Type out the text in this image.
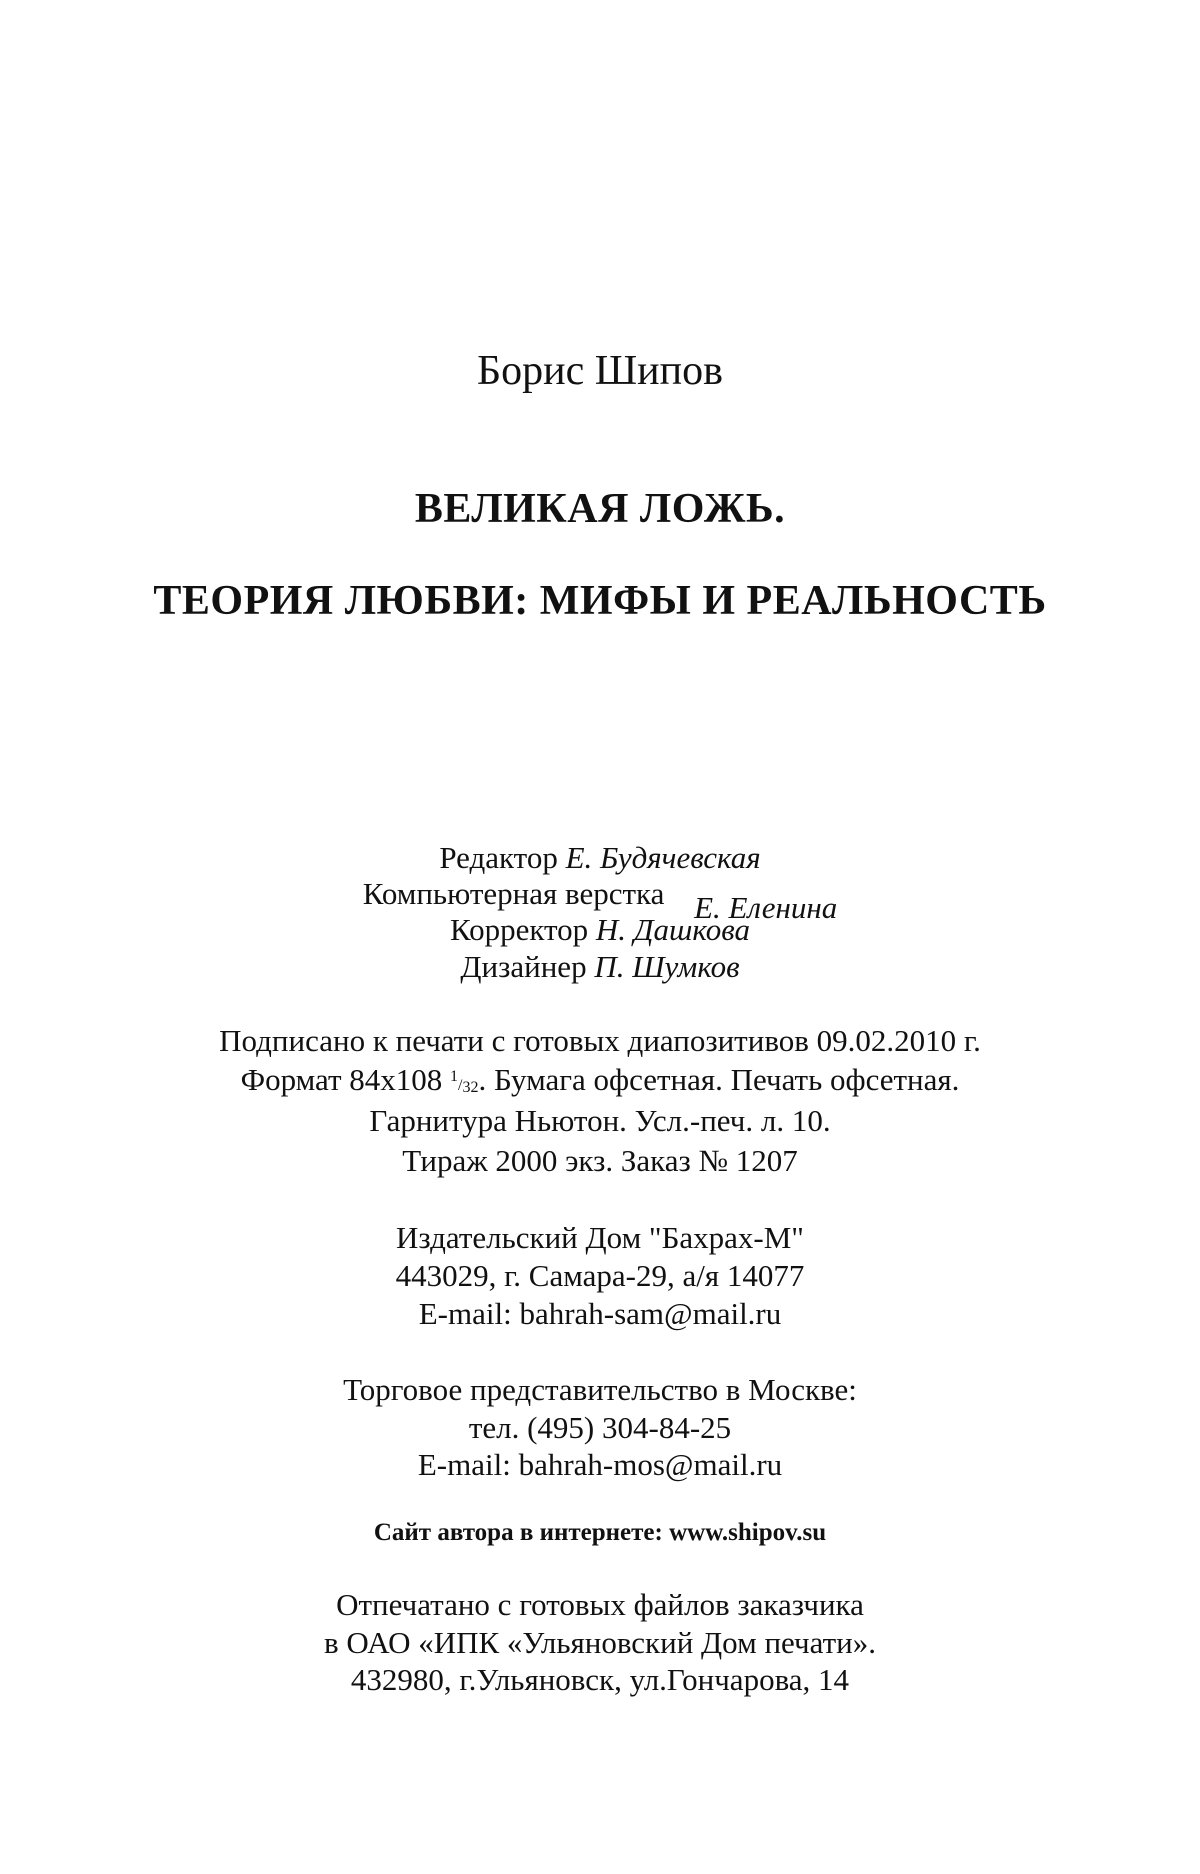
Борис Шипов
ВЕЛИКАЯ ЛОЖЬ.
ТЕОРИЯ ЛЮБВИ: МИФЫ И РЕАЛЬНОСТЬ
Редактор Е. Будячевская
Компьютерная верстка Е. Еленина
Корректор Н. Дашкова
Дизайнер П. Шумков
Подписано к печати с готовых диапозитивов 09.02.2010 г.
Формат 84х108 1/32. Бумага офсетная. Печать офсетная.
Гарнитура Ньютон. Усл.-печ. л. 10.
Тираж 2000 экз. Заказ № 1207
Издательский Дом "Бахрах-М"
443029, г. Самара-29, а/я 14077
E-mail: bahrah-sam@mail.ru
Торговое представительство в Москве:
тел. (495) 304-84-25
E-mail: bahrah-mos@mail.ru
Сайт автора в интернете: www.shipov.su
Отпечатано с готовых файлов заказчика
в ОАО «ИПК «Ульяновский Дом печати».
432980, г.Ульяновск, ул.Гончарова, 14
